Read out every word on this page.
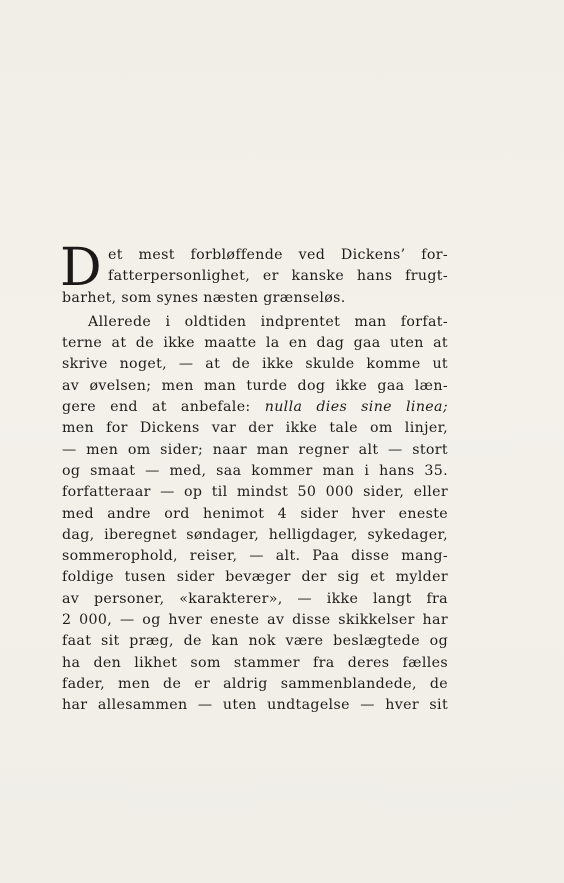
D et mest forbløffende ved Dickens’ for-
fatterpersonlighet, er kanske hans frugt-
barhet, som synes næsten grænseløs.
Allerede i oldtiden indprentet man forfat-
terne at de ikke maatte la en dag gaa uten at
skrive noget, — at de ikke skulde komme ut
av øvelsen; men man turde dog ikke gaa læn-
gere end at anbefale: nulla dies sine linea;
men for Dickens var der ikke tale om linjer,
— men om sider; naar man regner alt — stort
og smaat — med, saa kommer man i hans 35.
forfatteraar — op til mindst 50 000 sider, eller
med andre ord henimot 4 sider hver eneste
dag, iberegnet søndager, helligdager, sykedager,
sommerophold, reiser, — alt. Paa disse mang-
foldige tusen sider bevæger der sig et mylder
av personer, «karakterer», — ikke langt fra
2 000, — og hver eneste av disse skikkelser har
faat sit præg, de kan nok være beslægtede og
ha den likhet som stammer fra deres fælles
fader, men de er aldrig sammenblandede, de
har allesammen — uten undtagelse — hver sit
